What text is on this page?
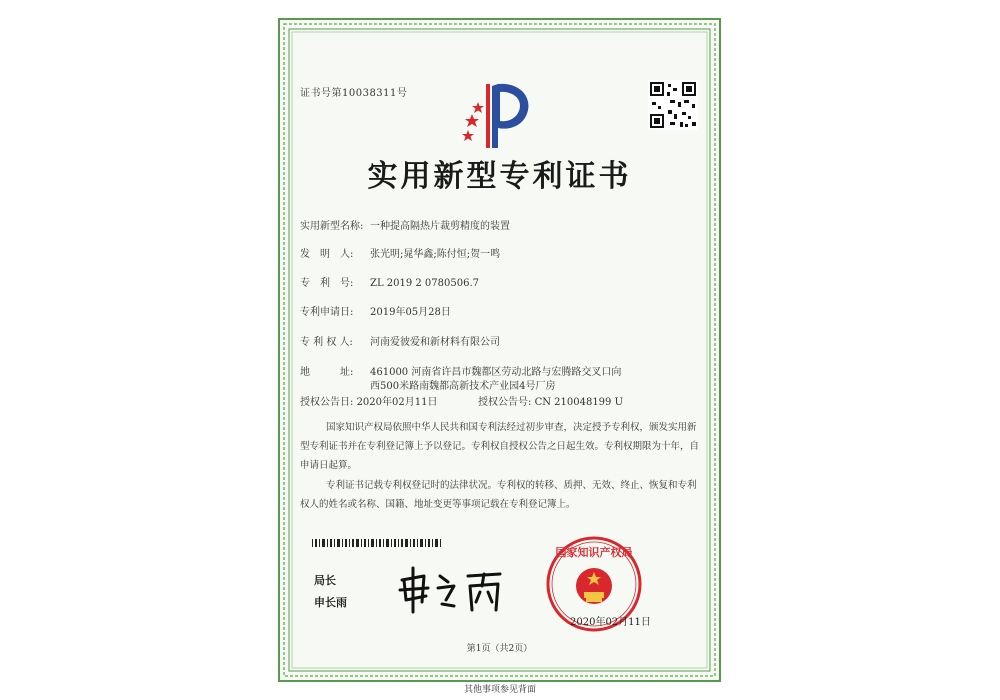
证书号第10038311号
实用新型专利证书
实用新型名称: 一种提高隔热片裁剪精度的装置
发　明　人: 张光明;晁华鑫;陈付恒;贺一鸣
专　利　号: ZL 2019 2 0780506.7
专利申请日: 2019年05月28日
专 利 权 人: 河南爱彼爱和新材料有限公司
地　　　址: 461000 河南省许昌市魏都区劳动北路与宏腾路交叉口向
西500米路南魏都高新技术产业园4号厂房
授权公告日: 2020年02月11日	授权公告号: CN 210048199 U
国家知识产权局依照中华人民共和国专利法经过初步审查，决定授予专利权，颁发实用新型专利证书并在专利登记簿上予以登记。专利权自授权公告之日起生效。专利权期限为十年，自申请日起算。
专利证书记载专利权登记时的法律状况。专利权的转移、质押、无效、终止、恢复和专利权人的姓名或名称、国籍、地址变更等事项记载在专利登记簿上。
局长
申长雨
国家知识产权局
2020年02月11日
第1页（共2页）
其他事项参见背面
